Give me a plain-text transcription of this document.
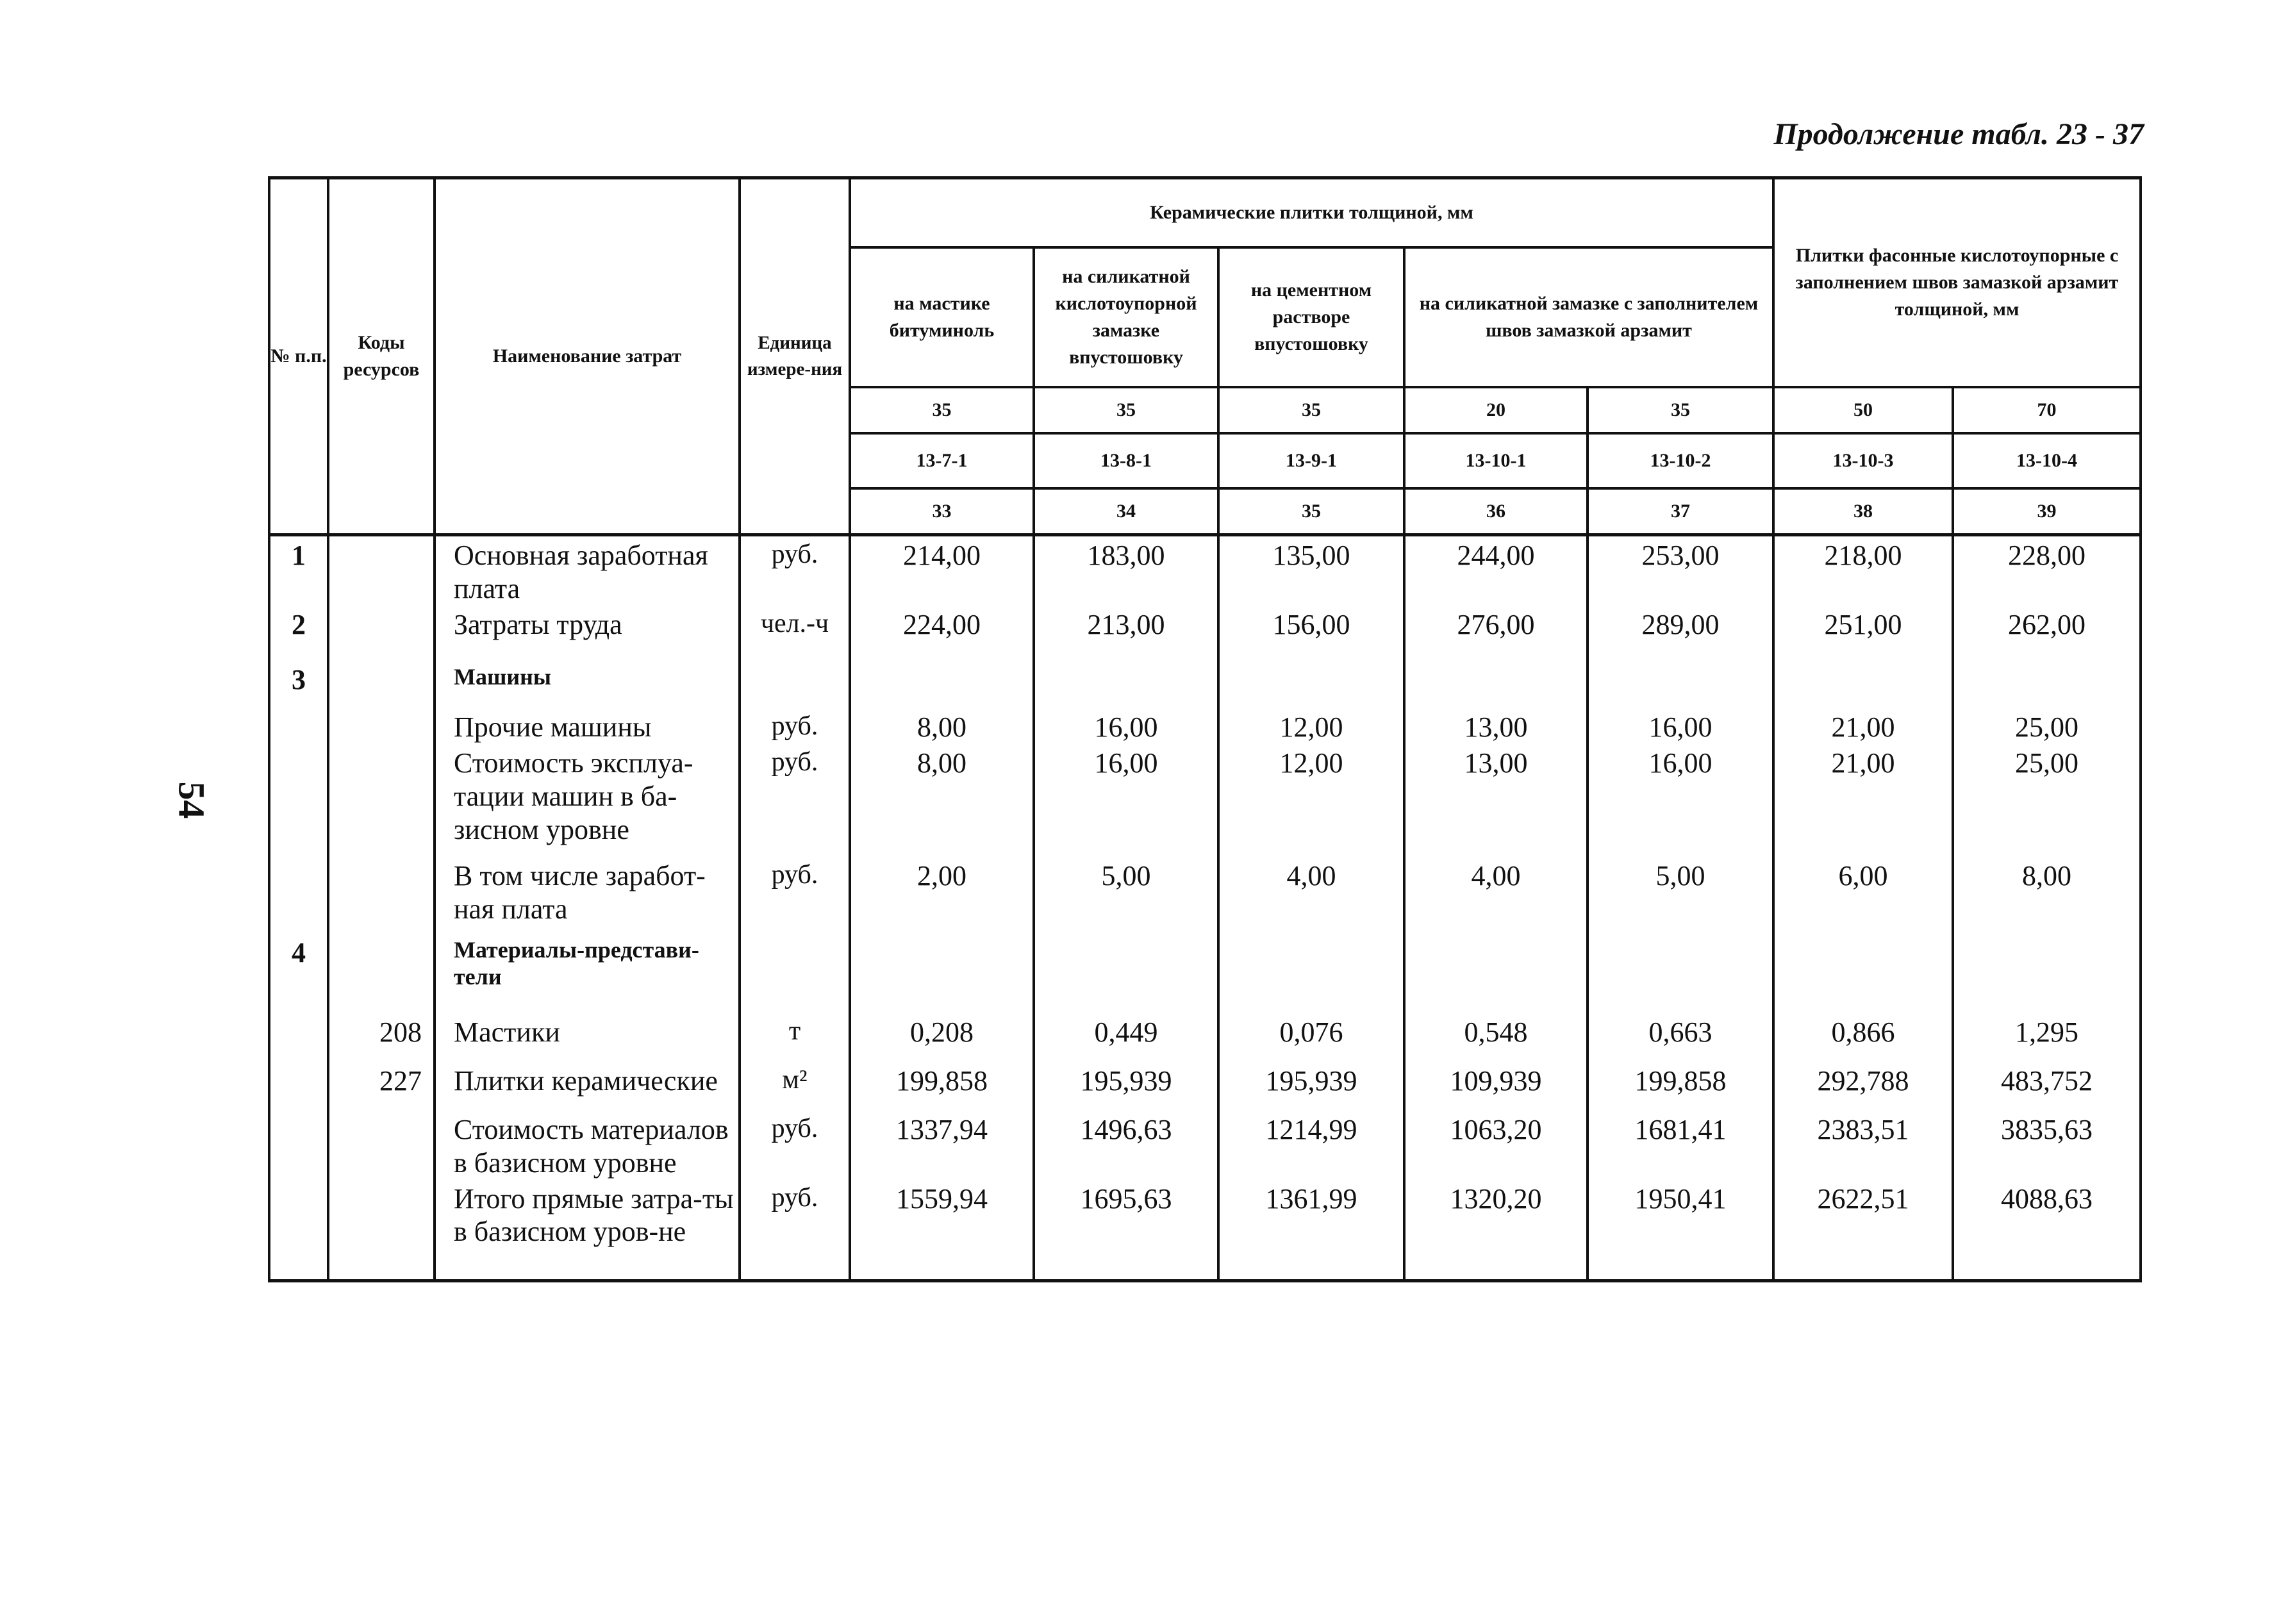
Продолжение табл. 23 - 37
54
№ п.п.	Коды ресурсов	Наименование затрат	Единица измере-ния	Керамические плитки толщиной, мм					Плитки фасонные кислотоупорные с заполнением швов замазкой арзамит толщиной, мм	
				на мастике битуминоль	на силикатной кислотоупорной замазке впустошовку	на цементном растворе впустошовку	на силикатной замазке с заполнителем швов замазкой арзамит			
				35	35	35	20	35	50	70
				13-7-1	13-8-1	13-9-1	13-10-1	13-10-2	13-10-3	13-10-4
				33	34	35	36	37	38	39

1		Основная заработная плата	руб.	214,00	183,00	135,00	244,00	253,00	218,00	228,00
2		Затраты труда	чел.-ч	224,00	213,00	156,00	276,00	289,00	251,00	262,00
3		Машины								
		Прочие машины	руб.	8,00	16,00	12,00	13,00	16,00	21,00	25,00
		Стоимость эксплуа-тации машин в ба-зисном уровне	руб.	8,00	16,00	12,00	13,00	16,00	21,00	25,00
		В том числе заработ-ная плата	руб.	2,00	5,00	4,00	4,00	5,00	6,00	8,00
4		Материалы-представи-тели								
	208	Мастики	т	0,208	0,449	0,076	0,548	0,663	0,866	1,295
	227	Плитки керамические	м²	199,858	195,939	195,939	109,939	199,858	292,788	483,752
		Стоимость материалов в базисном уровне	руб.	1337,94	1496,63	1214,99	1063,20	1681,41	2383,51	3835,63
		Итого прямые затра-ты в базисном уров-не	руб.	1559,94	1695,63	1361,99	1320,20	1950,41	2622,51	4088,63
